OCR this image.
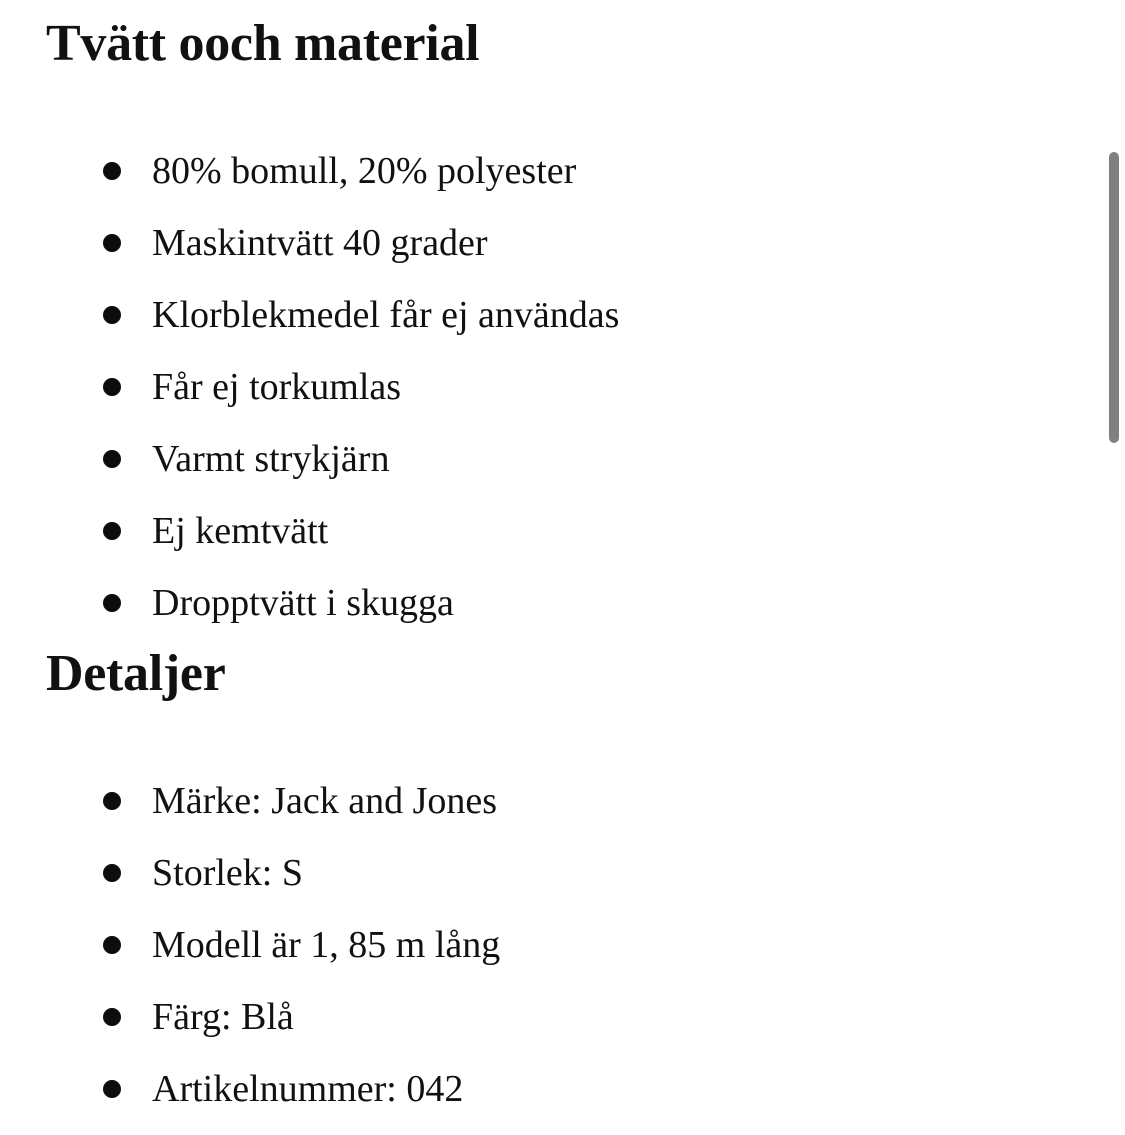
Tvätt ooch material
80% bomull, 20% polyester
Maskintvätt 40 grader
Klorblekmedel får ej användas
Får ej torkumlas
Varmt strykjärn
Ej kemtvätt
Dropptvätt i skugga
Detaljer
Märke: Jack and Jones
Storlek: S
Modell är 1, 85 m lång
Färg: Blå
Artikelnummer: 042
